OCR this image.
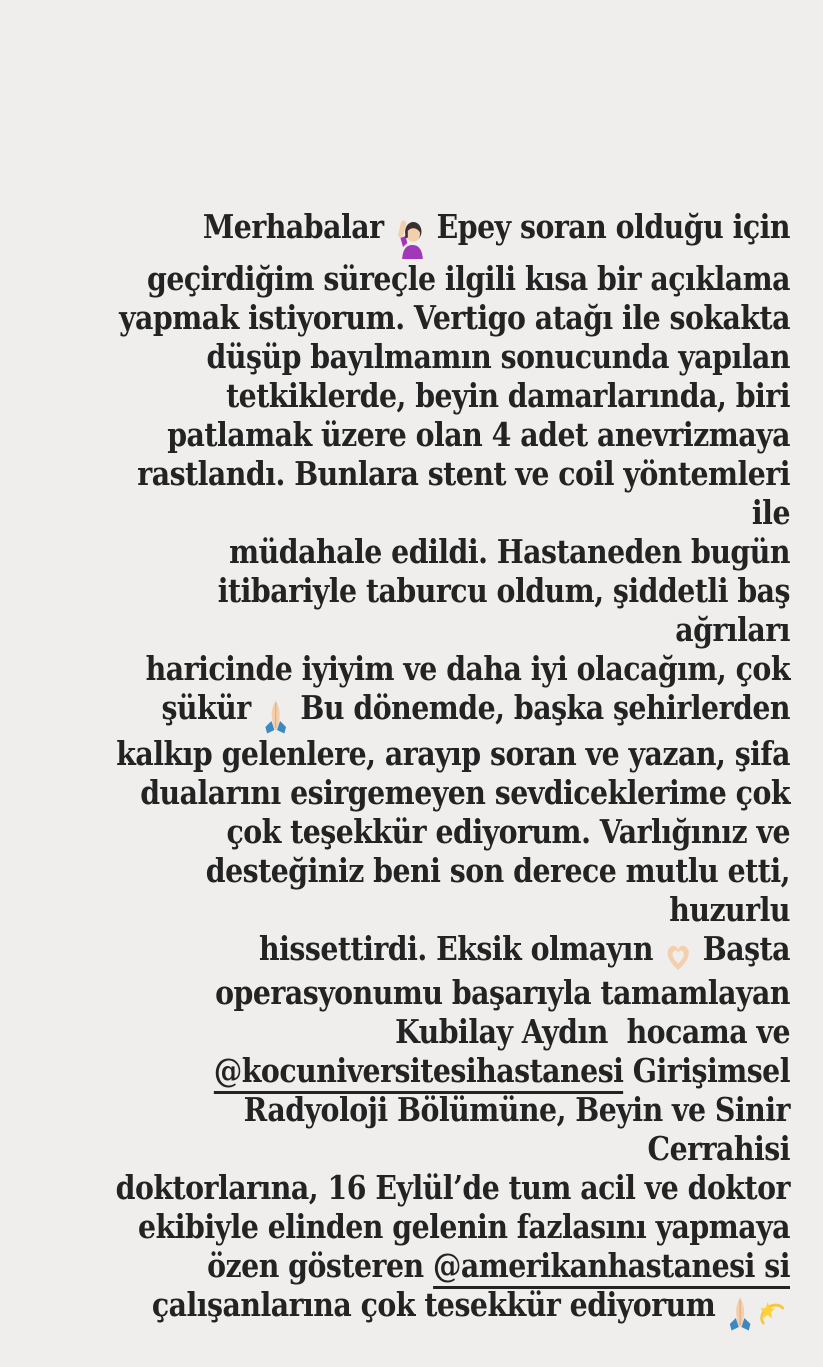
Merhabalar  Epey soran olduğu için
geçirdiğim süreçle ilgili kısa bir açıklama
yapmak istiyorum. Vertigo atağı ile sokakta
düşüp bayılmamın sonucunda yapılan
tetkiklerde, beyin damarlarında, biri
patlamak üzere olan 4 adet anevrizmaya
rastlandı. Bunlara stent ve coil yöntemleri ile
müdahale edildi. Hastaneden bugün
itibariyle taburcu oldum, şiddetli baş ağrıları
haricinde iyiyim ve daha iyi olacağım, çok
şükür  Bu dönemde, başka şehirlerden
kalkıp gelenlere, arayıp soran ve yazan, şifa
dualarını esirgemeyen sevdiceklerime çok
çok teşekkür ediyorum. Varlığınız ve
desteğiniz beni son derece mutlu etti, huzurlu
hissettirdi. Eksik olmayın  Başta
operasyonumu başarıyla tamamlayan
Kubilay Aydın  hocama ve
@kocuniversitesihastanesi Girişimsel
Radyoloji Bölümüne, Beyin ve Sinir Cerrahisi
doktorlarına, 16 Eylül’de tum acil ve doktor
ekibiyle elinden gelenin fazlasını yapmaya
özen gösteren @amerikanhastanesi si
çalışanlarına çok tesekkür ediyorum
